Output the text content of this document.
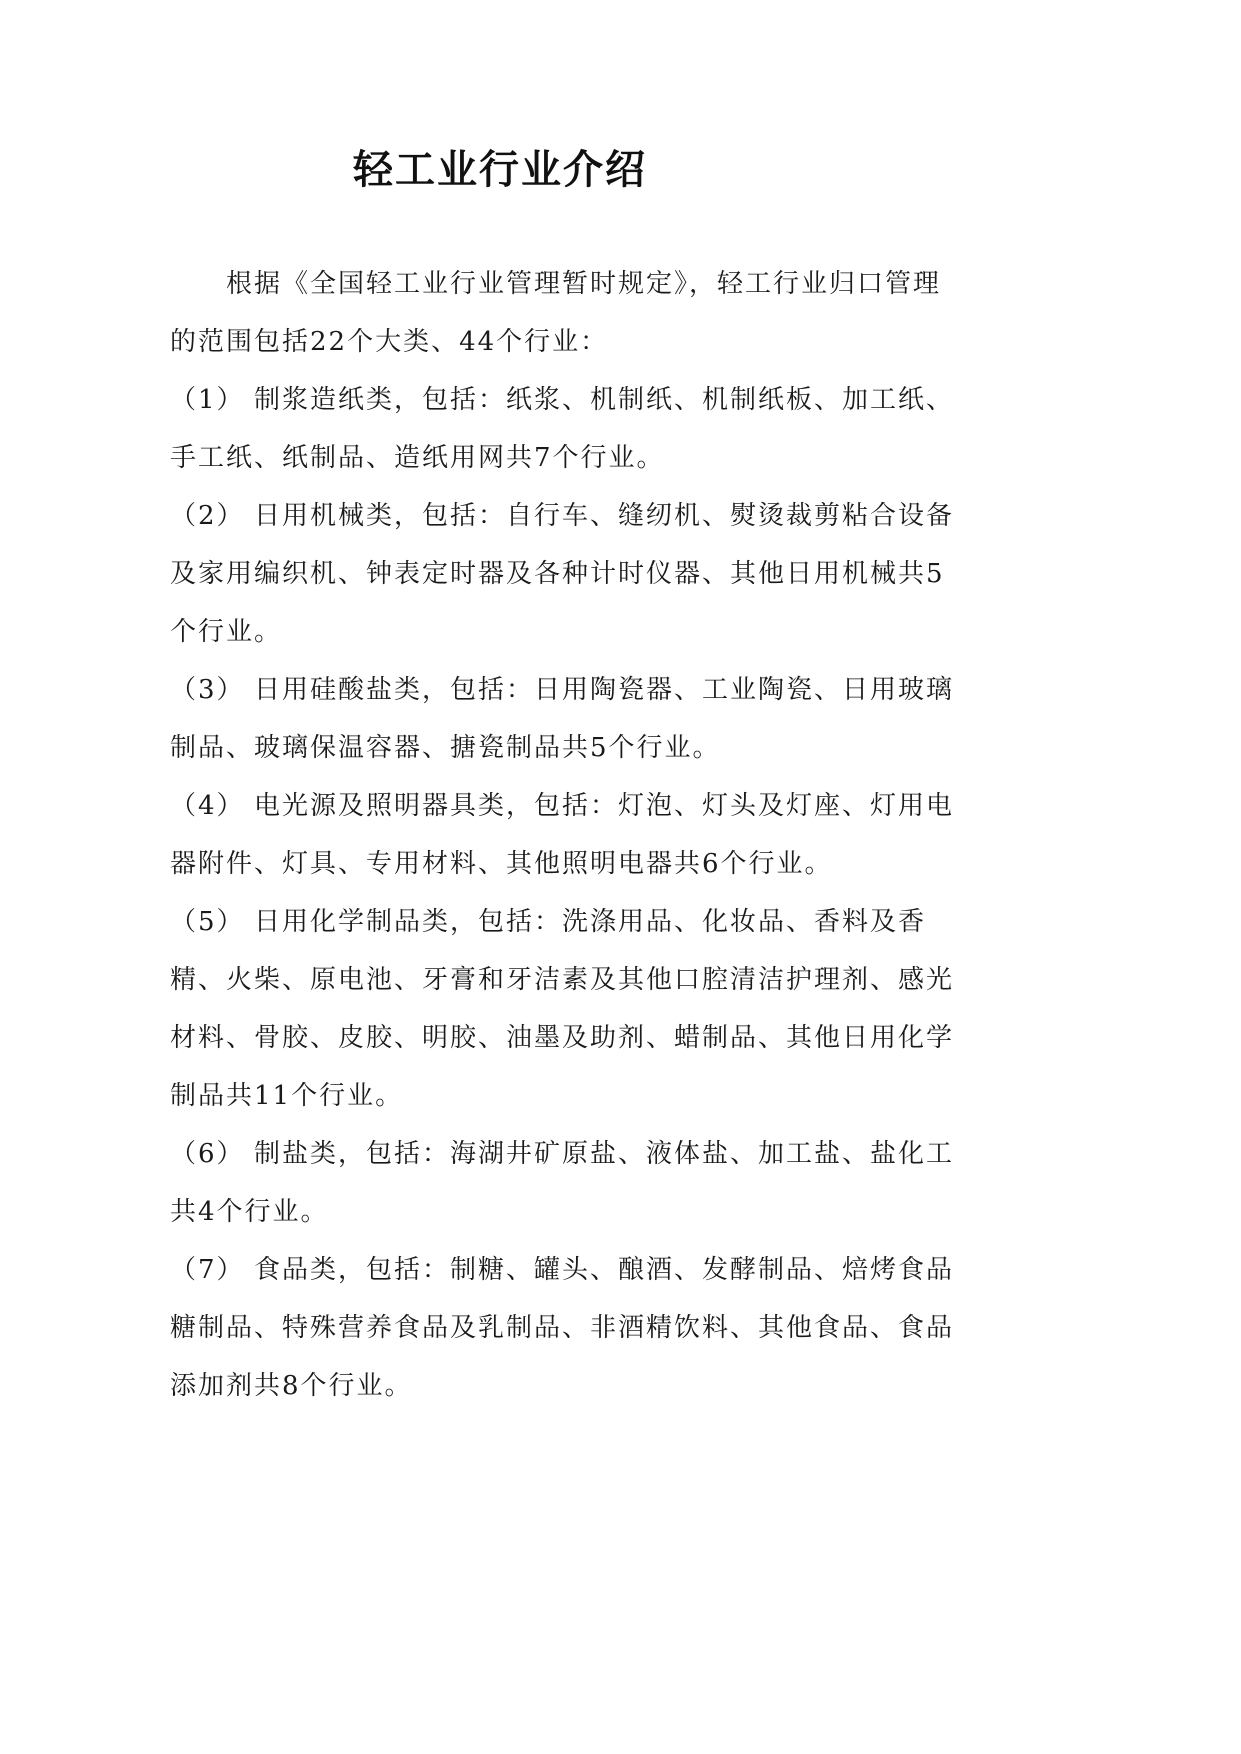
轻工业行业介绍

根据《全国轻工业行业管理暂时规定》，轻工行业归口管理的范围包括22个大类、44个行业：

（1） 制浆造纸类，包括：纸浆、机制纸、机制纸板、加工纸、手工纸、纸制品、造纸用网共7个行业。

（2） 日用机械类，包括：自行车、缝纫机、熨烫裁剪粘合设备及家用编织机、钟表定时器及各种计时仪器、其他日用机械共5个行业。

（3） 日用硅酸盐类，包括：日用陶瓷器、工业陶瓷、日用玻璃制品、玻璃保温容器、搪瓷制品共5个行业。

（4） 电光源及照明器具类，包括：灯泡、灯头及灯座、灯用电器附件、灯具、专用材料、其他照明电器共6个行业。

（5） 日用化学制品类，包括：洗涤用品、化妆品、香料及香精、火柴、原电池、牙膏和牙洁素及其他口腔清洁护理剂、感光材料、骨胶、皮胶、明胶、油墨及助剂、蜡制品、其他日用化学制品共11个行业。

（6） 制盐类，包括：海湖井矿原盐、液体盐、加工盐、盐化工共4个行业。

（7） 食品类，包括：制糖、罐头、酿酒、发酵制品、焙烤食品糖制品、特殊营养食品及乳制品、非酒精饮料、其他食品、食品添加剂共8个行业。
